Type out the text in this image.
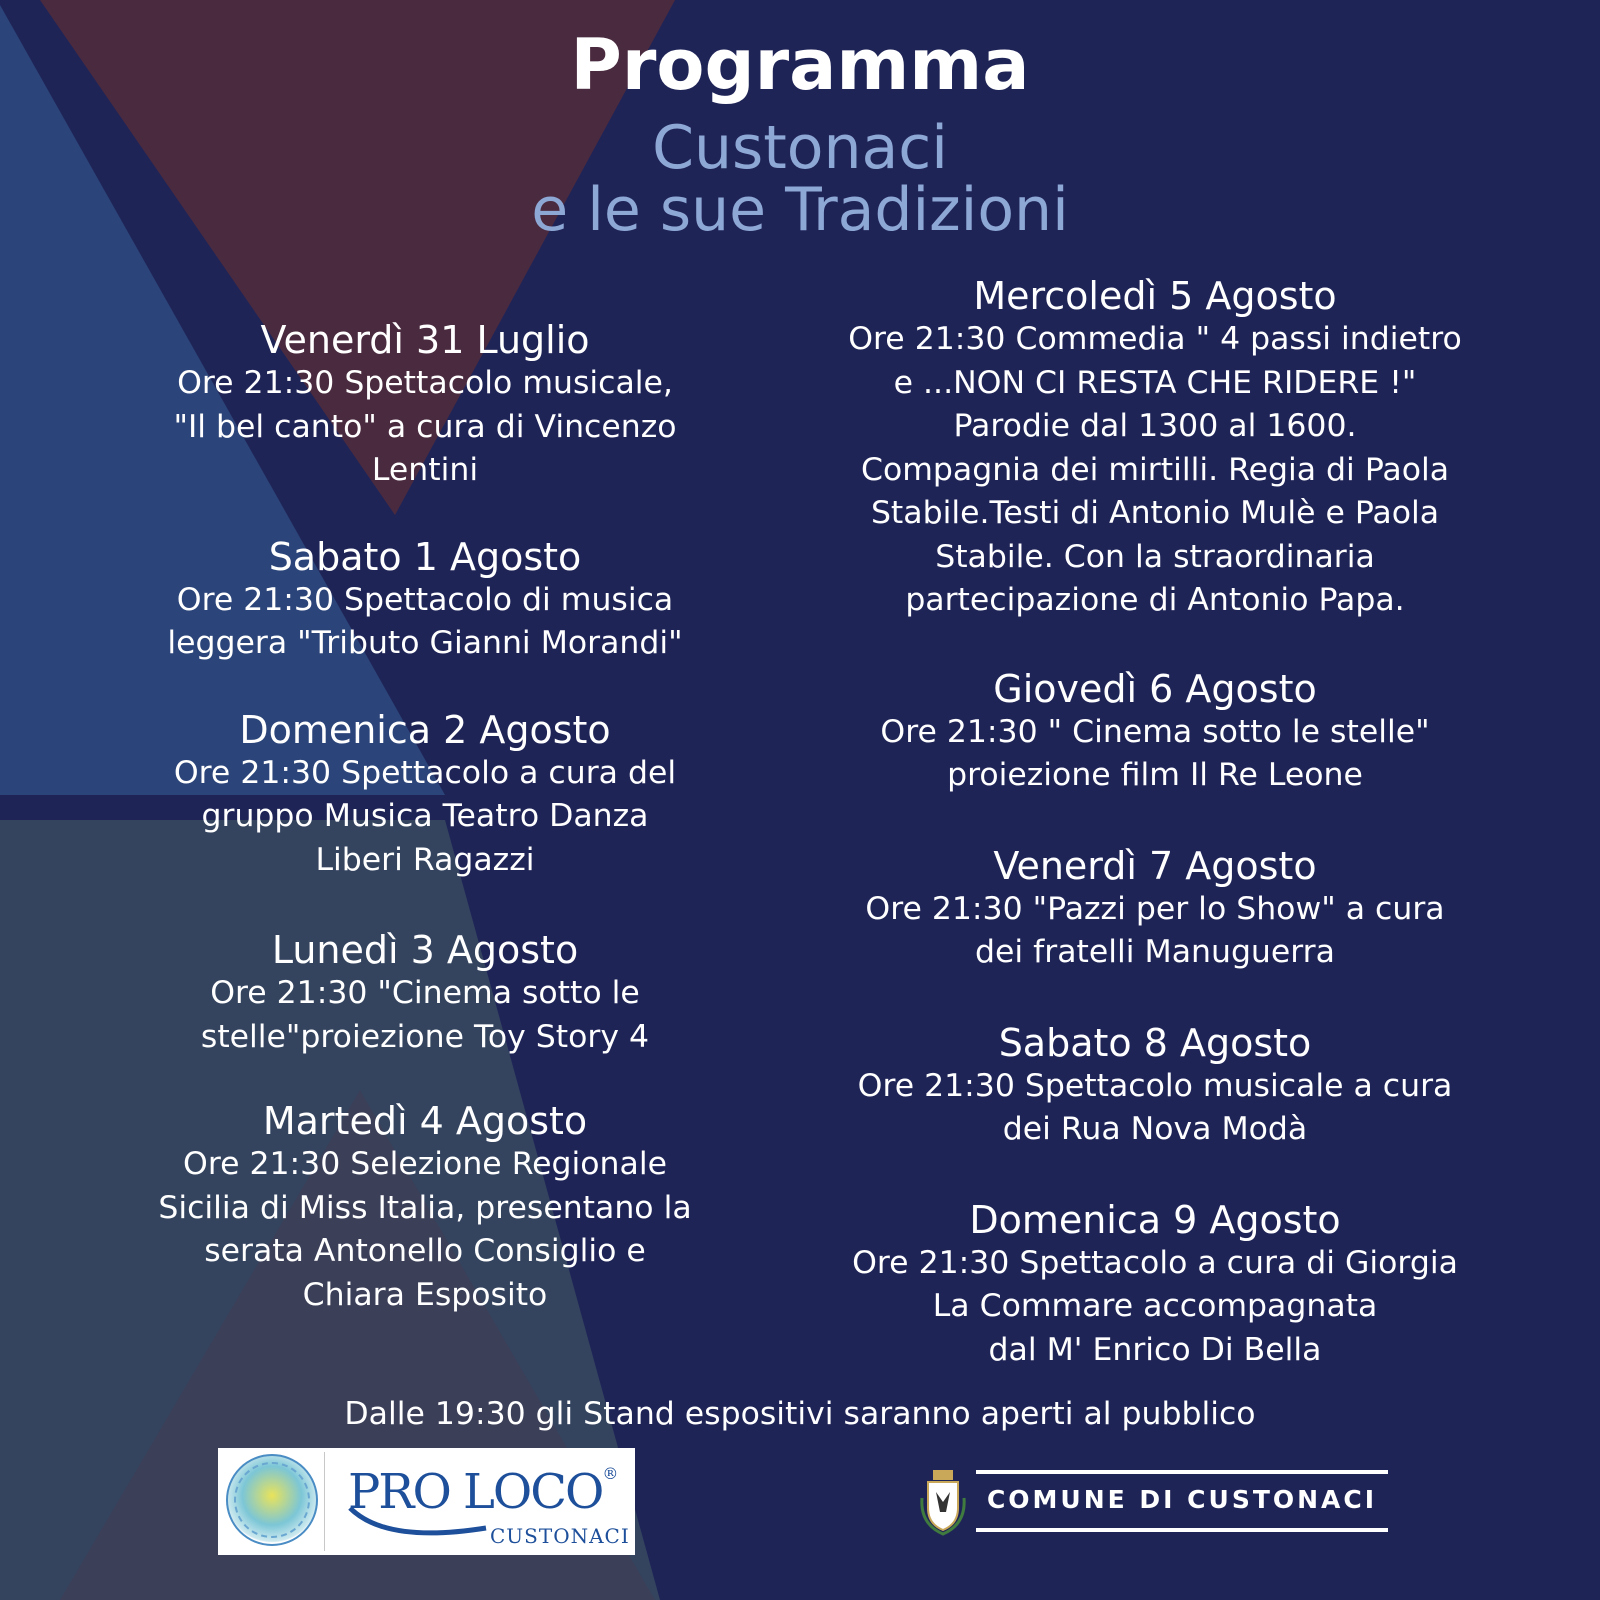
Programma
Custonaci
e le sue Tradizioni
Venerdì 31 Luglio
Ore 21:30 Spettacolo musicale,
"Il bel canto" a cura di Vincenzo
Lentini
Sabato 1 Agosto
Ore 21:30 Spettacolo di musica
leggera "Tributo Gianni Morandi"
Domenica 2 Agosto
Ore 21:30 Spettacolo a cura del
gruppo Musica Teatro Danza
Liberi Ragazzi
Lunedì 3 Agosto
Ore 21:30 "Cinema sotto le
stelle"proiezione Toy Story 4
Martedì 4 Agosto
Ore 21:30 Selezione Regionale
Sicilia di Miss Italia, presentano la
serata Antonello Consiglio e
Chiara Esposito
Mercoledì 5 Agosto
Ore 21:30 Commedia " 4 passi indietro
e ...NON CI RESTA CHE RIDERE !"
Parodie dal 1300 al 1600.
Compagnia dei mirtilli. Regia di Paola
Stabile.Testi di Antonio Mulè e Paola
Stabile. Con la straordinaria
partecipazione di Antonio Papa.
Giovedì 6 Agosto
Ore 21:30 " Cinema sotto le stelle"
proiezione film Il Re Leone
Venerdì 7 Agosto
Ore 21:30 "Pazzi per lo Show" a cura
dei fratelli Manuguerra
Sabato 8 Agosto
Ore 21:30 Spettacolo musicale a cura
dei Rua Nova Modà
Domenica 9 Agosto
Ore 21:30 Spettacolo a cura di Giorgia
La Commare accompagnata
dal M' Enrico Di Bella
Dalle 19:30 gli Stand espositivi saranno aperti al pubblico
PRO LOCO®
CUSTONACI
COMUNE DI CUSTONACI
